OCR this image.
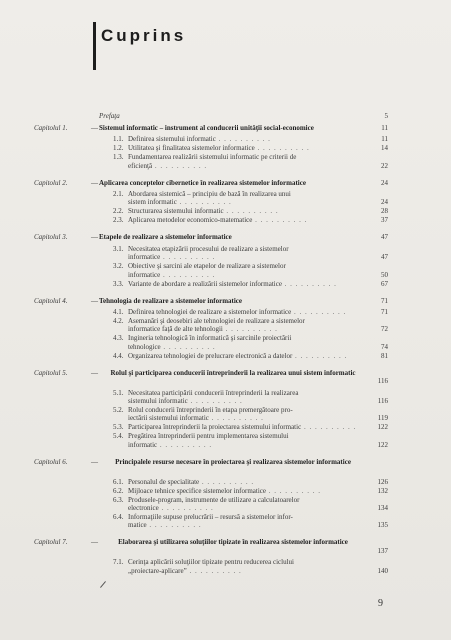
Cuprins
Prefaţa	5
Capitolul 1.	— Sistemul informatic – instrument al conducerii unităţii social-economice	11
1.1. Definirea sistemului informatic . . . . . . . . . .	11
1.2. Utilitatea şi finalitatea sistemelor informatice . . . . . . . . . .	14
1.3. Fundamentarea realizării sistemului informatic pe criterii de
eficienţă . . . . . . . . . .	22
Capitolul 2.	— Aplicarea conceptelor cibernetice în realizarea sistemelor informatice	24
2.1. Abordarea sistemică – principiu de bază în realizarea unui
sistem informatic . . . . . . . . . .	24
2.2. Structurarea sistemului informatic . . . . . . . . . .	28
2.3. Aplicarea metodelor economico-matematice . . . . . . . . . .	37
Capitolul 3.	— Etapele de realizare a sistemelor informatice	47
3.1. Necesitatea etapizării procesului de realizare a sistemelor
informatice . . . . . . . . . .	47
3.2. Obiective şi sarcini ale etapelor de realizare a sistemelor
informatice . . . . . . . . . .	50
3.3. Variante de abordare a realizării sistemelor informatice . . . . . . . . . .	67
Capitolul 4.	— Tehnologia de realizare a sistemelor informatice	71
4.1. Definirea tehnologiei de realizare a sistemelor informatice . . . . . . . . . .	71
4.2. Asemanări şi deosebiri ale tehnologiei de realizare a sistemelor
informatice faţă de alte tehnologii . . . . . . . . . .	72
4.3. Ingineria tehnologică în informatică şi sarcinile proiectării
tehnologice . . . . . . . . . .	74
4.4. Organizarea tehnologiei de prelucrare electronică a datelor . . . . . . . . . .	81
Capitolul 5.	—	Rolul şi participarea conducerii întreprinderii la realizarea unui sistem informatic
116
5.1. Necesitatea participării conducerii întreprinderii la realizarea
sistemului informatic . . . . . . . . . .	116
5.2. Rolul conducerii întreprinderii în etapa premergătoare pro-
iectării sistemului informatic . . . . . . . . . .	119
5.3. Participarea întreprinderii la proiectarea sistemului informatic . . . . . . . . . .	122
5.4. Pregătirea întreprinderii pentru implementarea sistemului
informatic . . . . . . . . . .	122
Capitolul 6.	—	Principalele resurse necesare în proiectarea şi realizarea sistemelor informatice
6.1. Personalul de specialitate . . . . . . . . . .	126
6.2. Mijloace tehnice specifice sistemelor informatice . . . . . . . . . .	132
6.3. Produsele-program, instrumente de utilizare a calculatoarelor
electronice . . . . . . . . . .	134
6.4. Informaţiile supuse prelucrării – resursă a sistemelor infor-
matice . . . . . . . . . .	135
Capitolul 7.	—	Elaborarea şi utilizarea soluţiilor tipizate în realizarea sistemelor informatice
137
7.1. Cerinţa aplicării soluţiilor tipizate pentru reducerea ciclului
„proiectare-aplicare” . . . . . . . . . .	140
9
